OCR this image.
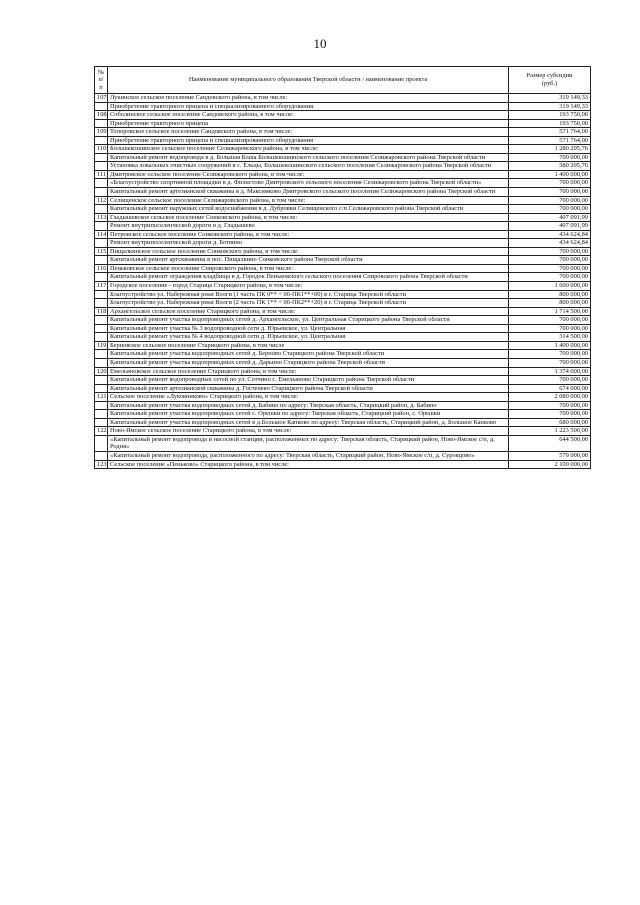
10
№
п/п	Наименование муниципального образования Тверской области / наименование проекта	Размер субсидии
(руб.)

107	Лукинское сельское поселение Сандовского района, в том числе:	319 149,33
	Приобретение тракторного прицепа и специализированного оборудования.	319 149,33
108	Соболинское сельское поселение Сандовского района, в том числе:	193 750,00
	Приобретение тракторного прицепа	193 750,00
109	Топоровское сельское поселение Сандовского района, в том числе:	571 764,00
	Приобретение тракторного прицепа и специализированного оборудования	571 764,00
110	Большекошинское сельское поселение Селижаровского района, в том числе:	1 280 295,76
	Капитальный ремонт водопровода в д. Большая Коша Большекошинского сельского поселения Селижаровского района Тверской области	700 000,00
	Установка локальных очистных сооружений в с. Ельцы, Большекошинского сельского поселения Селижаровского района Тверской области	580 295,76
111	Дмитровское сельское поселение Селижаровского района, в том числе:	1 400 000,00
	«Благоустройство спортивной площадки в д. Филистово Дмитровского сельского поселения Селижаровского района Тверской области»	700 000,00
	Капитальный ремонт артезианской скважины в д. Максимково Дмитровского сельского поселения Селижаровского района Тверской области	700 000,00
112	Селищенское сельское поселение Селижаровского района, в том числе:	700 000,00
	Капитальный ремонт наружных сетей водоснабжения в д. Дубровки Селищенского с/п Селижаровского района Тверской области	700 000,00
113	Гладышевское сельское поселение Сонковского района, в том числе:	407 091,99
	Ремонт внутрипоселенческой дороги в д. Гладышево	407 091,99
114	Петровское сельское поселение Сонковского района, в том числе:	434 624,84
	Ремонт внутрипоселенческой дороги д. Ботвино	434 624,84
115	Пищалкинское сельское поселение Сонковского района, в том числе:	700 000,00
	Капитальный ремонт артскважины в пос. Пищалкино Сонковского района Тверской области	700 000,00
116	Пеньковское сельское поселение Спировского района, в том числе:	700 000,00
	Капитальный ремонт ограждения кладбища в д. Городок Пеньковского сельского поселения Спировского района Тверской области	700 000,00
117	Городское поселение - город Старица Старицкого района, в том числе:	1 600 000,00
	Благоустройство ул. Набережная реки Волги (1 часть ПК 0** + 00-ПК1**+00) в г. Старица Тверской области	800 000,00
	Благоустройство ул. Набережная реки Волги (2 часть ПК 1** + 00-ПК2**+20) в г. Старица Тверской области	800 000,00
118	Архангельское сельское поселение Старицкого района, в том числе:	1 714 500,00
	Капитальный ремонт участка водопроводных сетей д. Архангельское, ул. Центральная Старицкого района Тверской области	700 000,00
	Капитальный ремонт участка № 3 водопроводной сети д. Юрьевское, ул. Центральная	700 000,00
	Капитальный ремонт участка № 4 водопроводной сети д. Юрьевское, ул. Центральная	314 500,00
119	Берновское сельское поселение Старицкого района, в том числе	1 400 000,00
	Капитальный ремонт участка водопроводных сетей д. Берново Старицкого района Тверской области	700 000,00
	Капитальный ремонт участка водопроводных сетей д. Дарьино Старицкого района Тверской области	700 000,00
120	Емельяновское сельское поселение Старицкого района, в том числе:	1 374 000,00
	Капитальный ремонт водопроводных сетей по ул. Сотчино с. Емельяново Старицкого района Тверской области	700 000,00
	Капитальный ремонт артезианской скважины д. Гостенево Старицкого района Тверской области	674 000,00
121	Сельское поселение «Луковниково» Старицкого района, в том числе:	2 080 000,00
	Капитальный ремонт участка водопроводных сетей д. Бабино по адресу: Тверская область, Старицкий район, д. Бабино	700 000,00
	Капитальный ремонт участка водопроводных сетей с. Орешки по адресу: Тверская область, Старицкий район, с. Орешки	700 000,00
	Капитальный ремонт участка водопроводных сетей в д.Большое Капково по адресу: Тверская область, Старицкий район, д. Большое Капково	680 000,00
122	Ново-Ямское сельское поселение Старицкого района, в том числе:	1 223 500,00
	«Капитальный ремонт водопровода и насосной станции, расположенных по адресу: Тверская область, Старицкий район, Ново-Ямское с/п, д. Родня»	644 500,00
	«Капитальный ремонт водопровода, расположенного по адресу: Тверская область, Старицкий район, Ново-Ямское с/п, д. Суровцово»	579 000,00
123	Сельское поселение «Пеньково» Старицкого района, в том числе:	2 100 000,00
